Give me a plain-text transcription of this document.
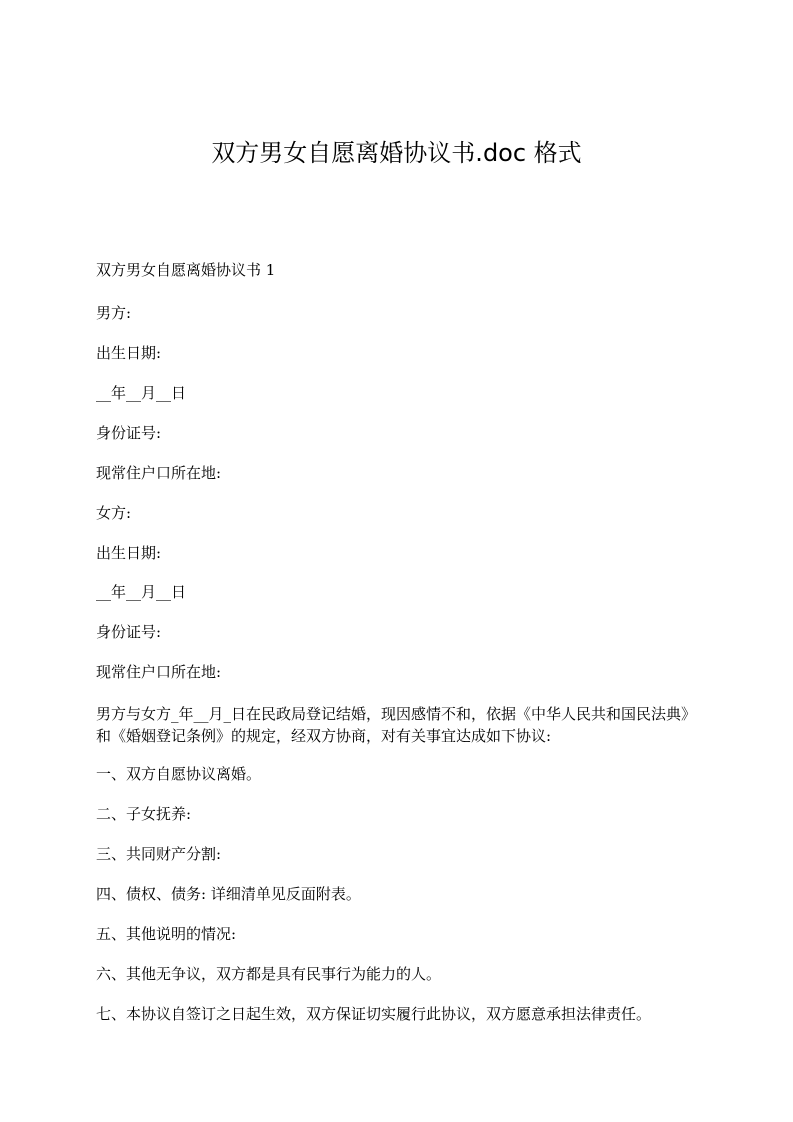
双方男女自愿离婚协议书.doc 格式

双方男女自愿离婚协议书 1

男方:

出生日期:

__年__月__日

身份证号:

现常住户口所在地:

女方:

出生日期:

__年__月__日

身份证号:

现常住户口所在地:

男方与女方_年__月_日在民政局登记结婚，现因感情不和，依据《中华人民共和国民法典》和《婚姻登记条例》的规定，经双方协商，对有关事宜达成如下协议:

一、双方自愿协议离婚。

二、子女抚养:

三、共同财产分割:

四、债权、债务: 详细清单见反面附表。

五、其他说明的情况:

六、其他无争议，双方都是具有民事行为能力的人。

七、本协议自签订之日起生效，双方保证切实履行此协议，双方愿意承担法律责任。
